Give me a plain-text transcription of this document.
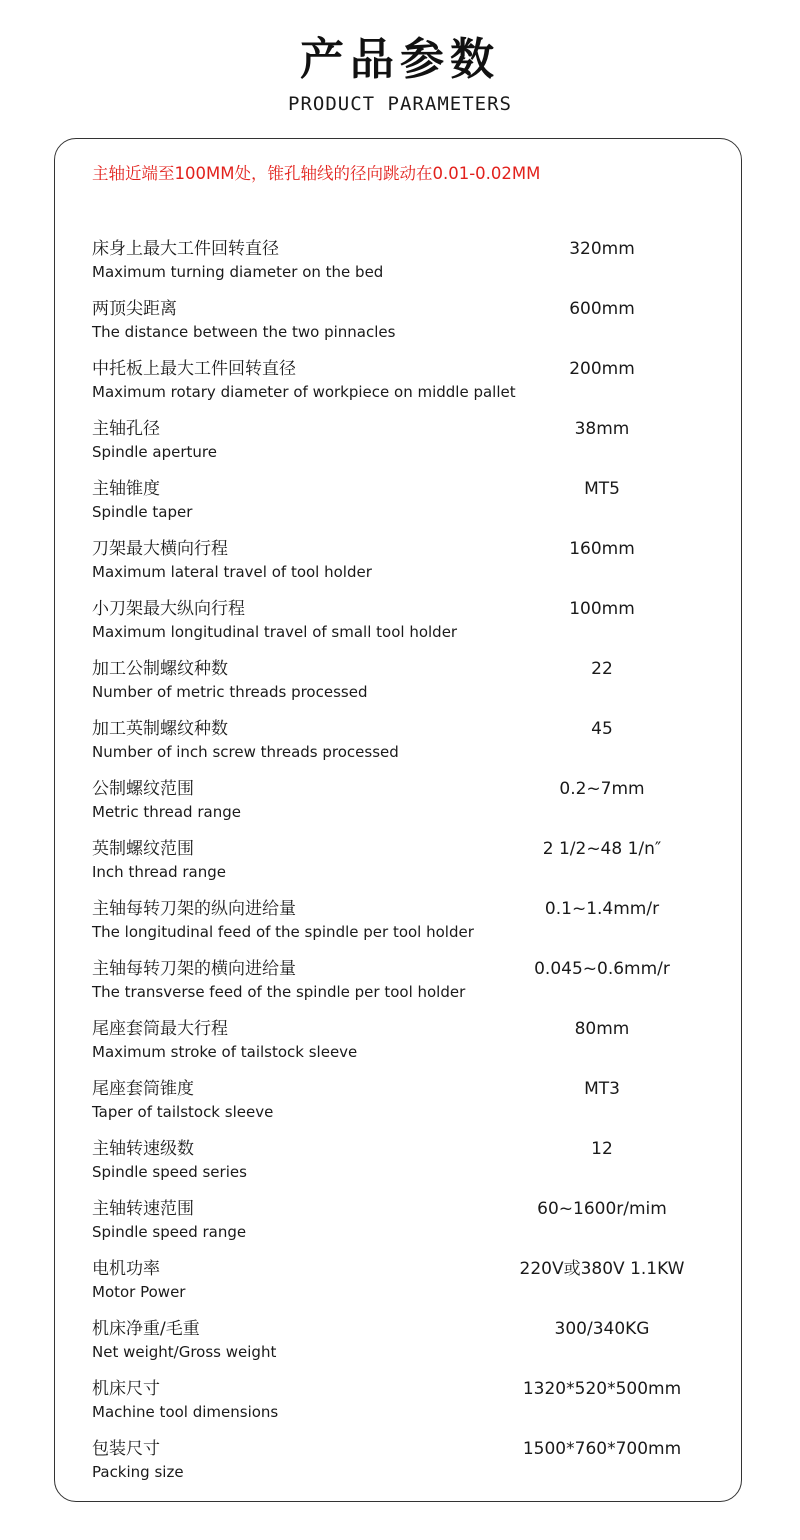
产品参数
PRODUCT PARAMETERS
主轴近端至100MM处，锥孔轴线的径向跳动在0.01-0.02MM
床身上最大工件回转直径
Maximum turning diameter on the bed
320mm
两顶尖距离
The distance between the two pinnacles
600mm
中托板上最大工件回转直径
Maximum rotary diameter of workpiece on middle pallet
200mm
主轴孔径
Spindle aperture
38mm
主轴锥度
Spindle taper
MT5
刀架最大横向行程
Maximum lateral travel of tool holder
160mm
小刀架最大纵向行程
Maximum longitudinal travel of small tool holder
100mm
加工公制螺纹种数
Number of metric threads processed
22
加工英制螺纹种数
Number of inch screw threads processed
45
公制螺纹范围
Metric thread range
0.2~7mm
英制螺纹范围
Inch thread range
2 1/2~48 1/n″
主轴每转刀架的纵向进给量
The longitudinal feed of the spindle per tool holder
0.1~1.4mm/r
主轴每转刀架的横向进给量
The transverse feed of the spindle per tool holder
0.045~0.6mm/r
尾座套筒最大行程
Maximum stroke of tailstock sleeve
80mm
尾座套筒锥度
Taper of tailstock sleeve
MT3
主轴转速级数
Spindle speed series
12
主轴转速范围
Spindle speed range
60~1600r/mim
电机功率
Motor Power
220V或380V 1.1KW
机床净重/毛重
Net weight/Gross weight
300/340KG
机床尺寸
Machine tool dimensions
1320*520*500mm
包装尺寸
Packing size
1500*760*700mm
